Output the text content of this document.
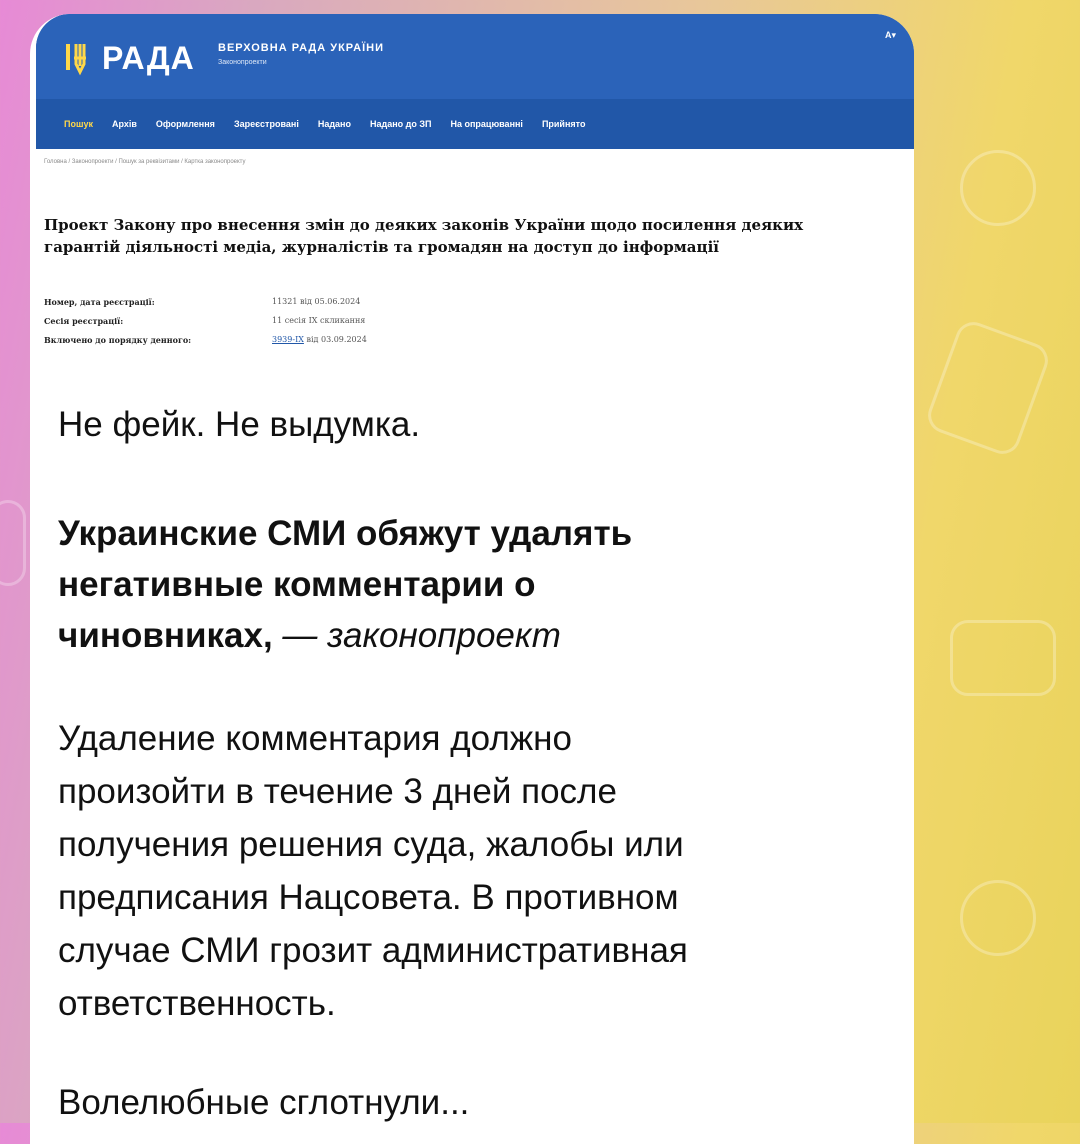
РАДА ВЕРХОВНА РАДА УКРАЇНИ
Законопроекти
А▾
Пошук Архів Оформлення Зареєстровані Надано Надано до ЗП На опрацюванні Прийнято
Головна / Законопроекти / Пошук за реквізитами / Картка законопроекту
Проект Закону про внесення змін до деяких законів України щодо посилення деяких
гарантій діяльності медіа, журналістів та громадян на доступ до інформації
Номер, дата реєстрації:	11321 від 05.06.2024
Сесія реєстрації:	11 сесія IX скликання
Включено до порядку денного:	3939-IX від 03.09.2024
Не фейк. Не выдумка.
Украинские СМИ обяжут удалять
негативные комментарии о
чиновниках, — законопроект
Удаление комментария должно
произойти в течение 3 дней после
получения решения суда, жалобы или
предписания Нацсовета. В противном
случае СМИ грозит административная
ответственность.
Волелюбные сглотнули...
